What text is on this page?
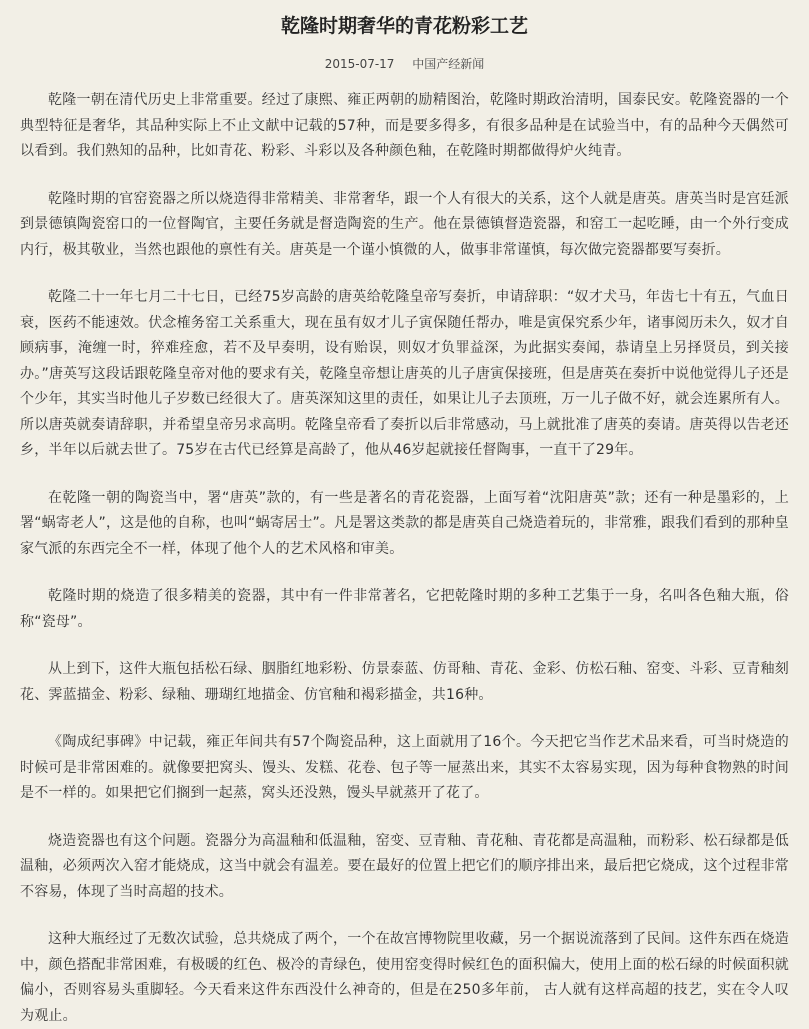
乾隆时期奢华的青花粉彩工艺
2015-07-17 中国产经新闻

乾隆一朝在清代历史上非常重要。经过了康熙、雍正两朝的励精图治，乾隆时期政治清明，国泰民安。乾隆瓷器的一个典型特征是奢华，其品种实际上不止文献中记载的57种，而是要多得多，有很多品种是在试验当中，有的品种今天偶然可以看到。我们熟知的品种，比如青花、粉彩、斗彩以及各种颜色釉，在乾隆时期都做得炉火纯青。

乾隆时期的官窑瓷器之所以烧造得非常精美、非常奢华，跟一个人有很大的关系，这个人就是唐英。唐英当时是宫廷派到景德镇陶瓷窑口的一位督陶官，主要任务就是督造陶瓷的生产。他在景德镇督造瓷器，和窑工一起吃睡，由一个外行变成内行，极其敬业，当然也跟他的禀性有关。唐英是一个谨小慎微的人，做事非常谨慎，每次做完瓷器都要写奏折。

乾隆二十一年七月二十七日，已经75岁高龄的唐英给乾隆皇帝写奏折，申请辞职：“奴才犬马，年齿七十有五，气血日衰，医药不能速效。伏念榷务窑工关系重大，现在虽有奴才儿子寅保随任帮办，唯是寅保究系少年，诸事阅历未久，奴才自顾病事，淹缠一时，猝难痊愈，若不及早奏明，设有贻误，则奴才负罪益深，为此据实奏闻，恭请皇上另择贤员，到关接办。”唐英写这段话跟乾隆皇帝对他的要求有关，乾隆皇帝想让唐英的儿子唐寅保接班，但是唐英在奏折中说他觉得儿子还是个少年，其实当时他儿子岁数已经很大了。唐英深知这里的责任，如果让儿子去顶班，万一儿子做不好，就会连累所有人。所以唐英就奏请辞职，并希望皇帝另求高明。乾隆皇帝看了奏折以后非常感动，马上就批准了唐英的奏请。唐英得以告老还乡，半年以后就去世了。75岁在古代已经算是高龄了，他从46岁起就接任督陶事，一直干了29年。

在乾隆一朝的陶瓷当中，署“唐英”款的，有一些是著名的青花瓷器，上面写着“沈阳唐英”款；还有一种是墨彩的，上署“蜗寄老人”，这是他的自称，也叫“蜗寄居士”。凡是署这类款的都是唐英自己烧造着玩的，非常雅，跟我们看到的那种皇家气派的东西完全不一样，体现了他个人的艺术风格和审美。

乾隆时期的烧造了很多精美的瓷器，其中有一件非常著名，它把乾隆时期的多种工艺集于一身，名叫各色釉大瓶，俗称“瓷母”。

从上到下，这件大瓶包括松石绿、胭脂红地彩粉、仿景泰蓝、仿哥釉、青花、金彩、仿松石釉、窑变、斗彩、豆青釉刻花、霁蓝描金、粉彩、绿釉、珊瑚红地描金、仿官釉和褐彩描金，共16种。

《陶成纪事碑》中记载，雍正年间共有57个陶瓷品种，这上面就用了16个。今天把它当作艺术品来看，可当时烧造的时候可是非常困难的。就像要把窝头、馒头、发糕、花卷、包子等一屉蒸出来，其实不太容易实现，因为每种食物熟的时间是不一样的。如果把它们搁到一起蒸，窝头还没熟，馒头早就蒸开了花了。

烧造瓷器也有这个问题。瓷器分为高温釉和低温釉，窑变、豆青釉、青花釉、青花都是高温釉，而粉彩、松石绿都是低温釉，必须两次入窑才能烧成，这当中就会有温差。要在最好的位置上把它们的顺序排出来，最后把它烧成，这个过程非常不容易，体现了当时高超的技术。

这种大瓶经过了无数次试验，总共烧成了两个，一个在故宫博物院里收藏，另一个据说流落到了民间。这件东西在烧造中，颜色搭配非常困难，有极暖的红色、极冷的青绿色，使用窑变得时候红色的面积偏大，使用上面的松石绿的时候面积就偏小，否则容易头重脚轻。今天看来这件东西没什么神奇的，但是在250多年前， 古人就有这样高超的技艺，实在令人叹为观止。
